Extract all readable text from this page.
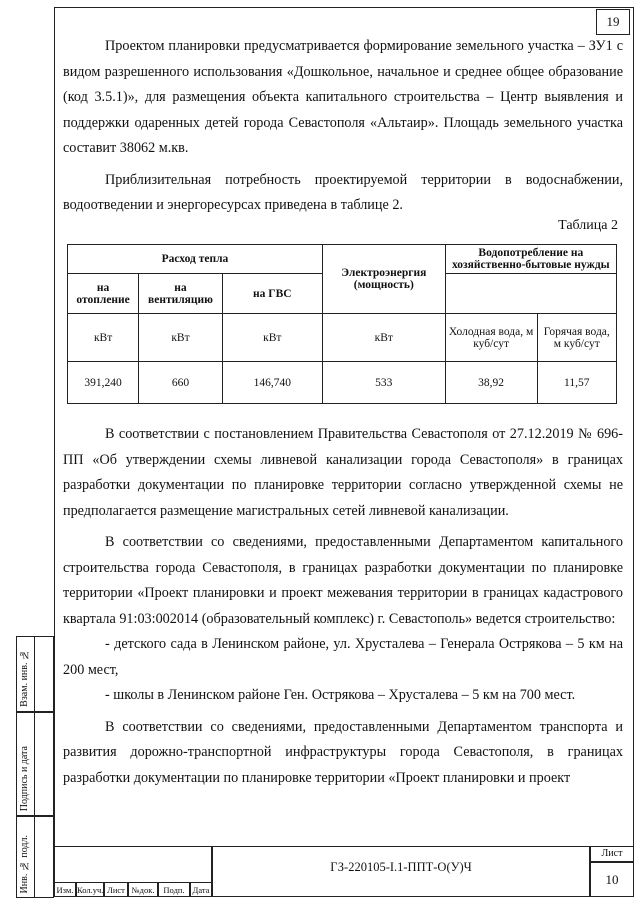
19

Проектом планировки предусматривается формирование земельного участка – ЗУ1 с видом разрешенного использования «Дошкольное, начальное и среднее общее образование (код 3.5.1)», для размещения объекта капитального строительства – Центр выявления и поддержки одаренных детей города Севастополя «Альтаир». Площадь земельного участка составит 38062 м.кв.

Приблизительная потребность проектируемой территории в водоснабжении, водоотведении и энергоресурсах приведена в таблице 2.

Таблица 2
Расход тепла			Электроэнергия (мощность)	Водопотребление на хозяйственно-бытовые нужды	
на отопление	на вентиляцию	на ГВС			
кВт	кВт	кВт	кВт	Холодная вода, м куб/сут	Горячая вода, м куб/сут
391,240	660	146,740	533	38,92	11,57

В соответствии с постановлением Правительства Севастополя от 27.12.2019 № 696-ПП «Об утверждении схемы ливневой канализации города Севастополя» в границах разработки документации по планировке территории согласно утвержденной схемы не предполагается размещение магистральных сетей ливневой канализации.

В соответствии со сведениями, предоставленными Департаментом капитального строительства города Севастополя, в границах разработки документации по планировке территории «Проект планировки и проект межевания территории в границах кадастрового квартала 91:03:002014 (образовательный комплекс) г. Севастополь» ведется строительство:

- детского сада в Ленинском районе, ул. Хрусталева – Генерала Острякова – 5 км на 200 мест,

- школы в Ленинском районе Ген. Острякова – Хрусталева – 5 км на 700 мест.

В соответствии со сведениями, предоставленными Департаментом транспорта и развития дорожно-транспортной инфраструктуры города Севастополя, в границах разработки документации по планировке территории «Проект планировки и проект

Взам. инв. №
Подпись и дата
Инв. № подл.	Изм. Кол.уч. Лист №док.	Подп. Дата
ГЗ-220105-I.1-ППТ-О(У)Ч
Лист
10
